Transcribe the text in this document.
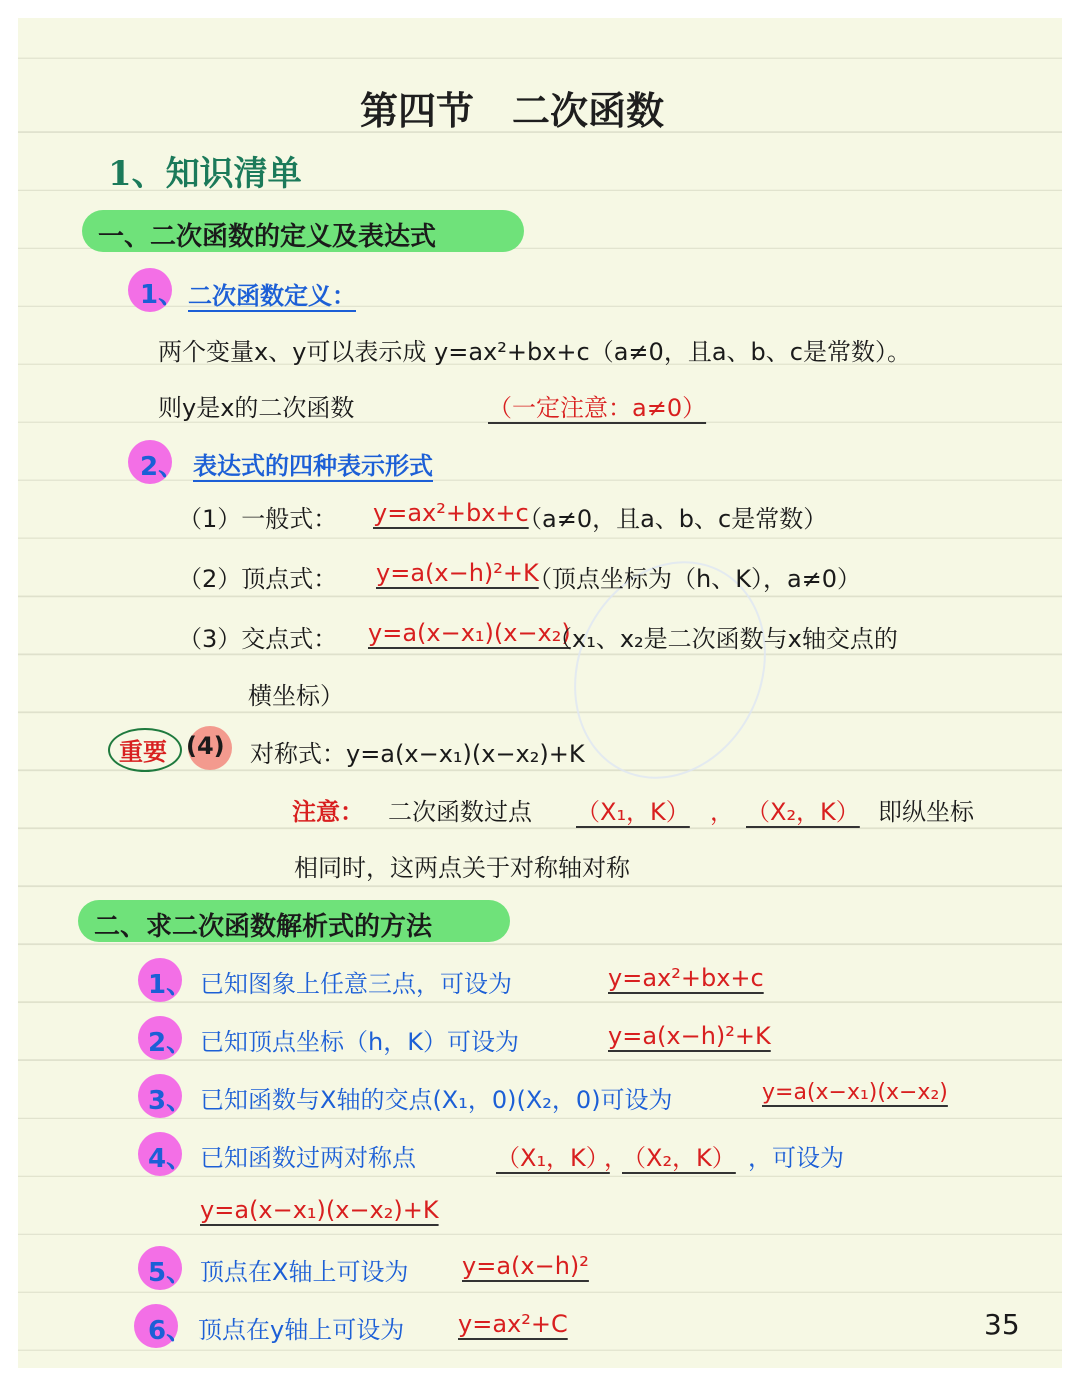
第四节　二次函数
1、知识清单
一、二次函数的定义及表达式
1、 二次函数定义：
两个变量x、y可以表示成 y=ax²+bx+c（a≠0，且a、b、c是常数）。
则y是x的二次函数	（一定注意：a≠0）
2、 表达式的四种表示形式
（1）一般式： y=ax²+bx+c
（a≠0，且a、b、c是常数）
（2）顶点式： y=a(x−h)²+K
（顶点坐标为（h、K），a≠0）
（3）交点式： y=a(x−x₁)(x−x₂)
（x₁、x₂是二次函数与x轴交点的
横坐标）
重要 (4) 对称式：y=a(x−x₁)(x−x₂)+K
注意： 二次函数过点 （X₁，K） ， （X₂，K） 即纵坐标
相同时，这两点关于对称轴对称
二、求二次函数解析式的方法
1、 已知图象上任意三点，可设为	y=ax²+bx+c
2、 已知顶点坐标（h，K）可设为	y=a(x−h)²+K
3、 已知函数与X轴的交点(X₁，0)(X₂，0)可设为	y=a(x−x₁)(x−x₂)
4、 已知函数过两对称点	（X₁，K）
，
（X₂，K） ，可设为
y=a(x−x₁)(x−x₂)+K
5、 顶点在X轴上可设为 y=a(x−h)²
6、 顶点在y轴上可设为 y=ax²+C	35
